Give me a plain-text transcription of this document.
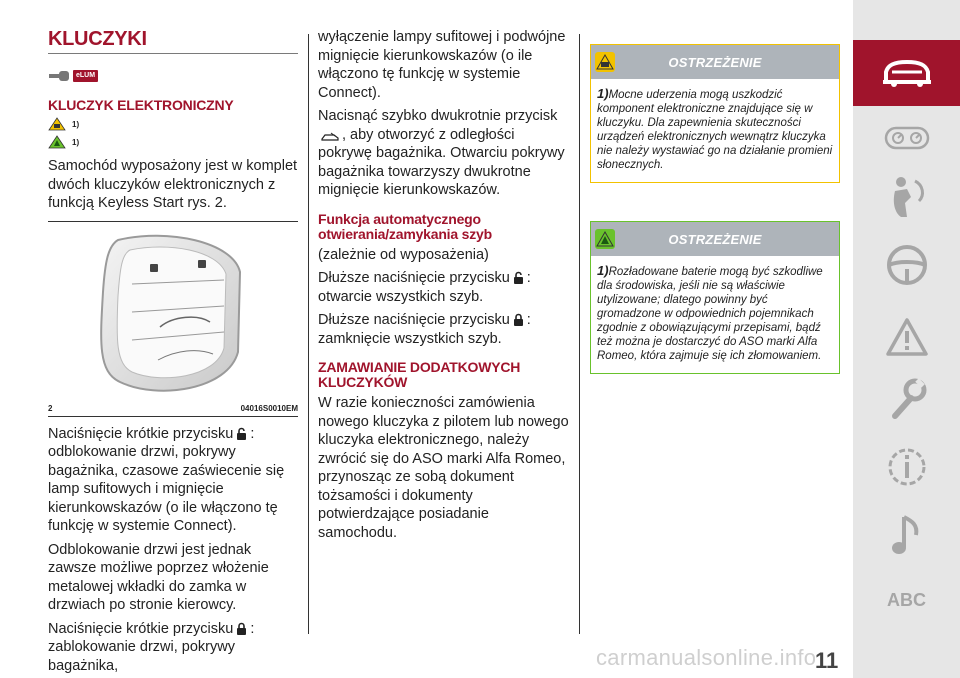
KLUCZYKI
eLUM
KLUCZYK ELEKTRONICZNY
1)
1)
Samochód wyposażony jest w komplet dwóch kluczyków elektronicznych z funkcją Keyless Start rys. 2.
2	04016S0010EM
Naciśnięcie krótkie przycisku : odblokowanie drzwi, pokrywy bagażnika, czasowe zaświecenie się lamp sufitowych i mignięcie kierunkowskazów (o ile włączono tę funkcję w systemie Connect).
Odblokowanie drzwi jest jednak zawsze możliwe poprzez włożenie metalowej wkładki do zamka w drzwiach po stronie kierowcy.
Naciśnięcie krótkie przycisku : zablokowanie drzwi, pokrywy bagażnika,
wyłączenie lampy sufitowej i podwójne mignięcie kierunkowskazów (o ile włączono tę funkcję w systemie Connect).
Nacisnąć szybko dwukrotnie przycisk, aby otworzyć z odległości pokrywę bagażnika. Otwarciu pokrywy bagażnika towarzyszy dwukrotne mignięcie kierunkowskazów.
Funkcja automatycznego otwierania/zamykania szyb
(zależnie od wyposażenia)
Dłuższe naciśnięcie przycisku : otwarcie wszystkich szyb.
Dłuższe naciśnięcie przycisku : zamknięcie wszystkich szyb.
ZAMAWIANIE DODATKOWYCH KLUCZYKÓW
W razie konieczności zamówienia nowego kluczyka z pilotem lub nowego kluczyka elektronicznego, należy zwrócić się do ASO marki Alfa Romeo, przynosząc ze sobą dokument tożsamości i dokumenty potwierdzające posiadanie samochodu.
OSTRZEŻENIE
1)Mocne uderzenia mogą uszkodzić komponent elektroniczne znajdujące się w kluczyku. Dla zapewnienia skuteczności urządzeń elektronicznych wewnątrz kluczyka nie należy wystawiać go na działanie promieni słonecznych.
OSTRZEŻENIE
1)Rozładowane baterie mogą być szkodliwe dla środowiska, jeśli nie są właściwie utylizowane; dlatego powinny być gromadzone w odpowiednich pojemnikach zgodnie z obowiązującymi przepisami, bądź też można je dostarczyć do ASO marki Alfa Romeo, która zajmuje się ich złomowaniem.
ABC
carmanualsonline.info
11
